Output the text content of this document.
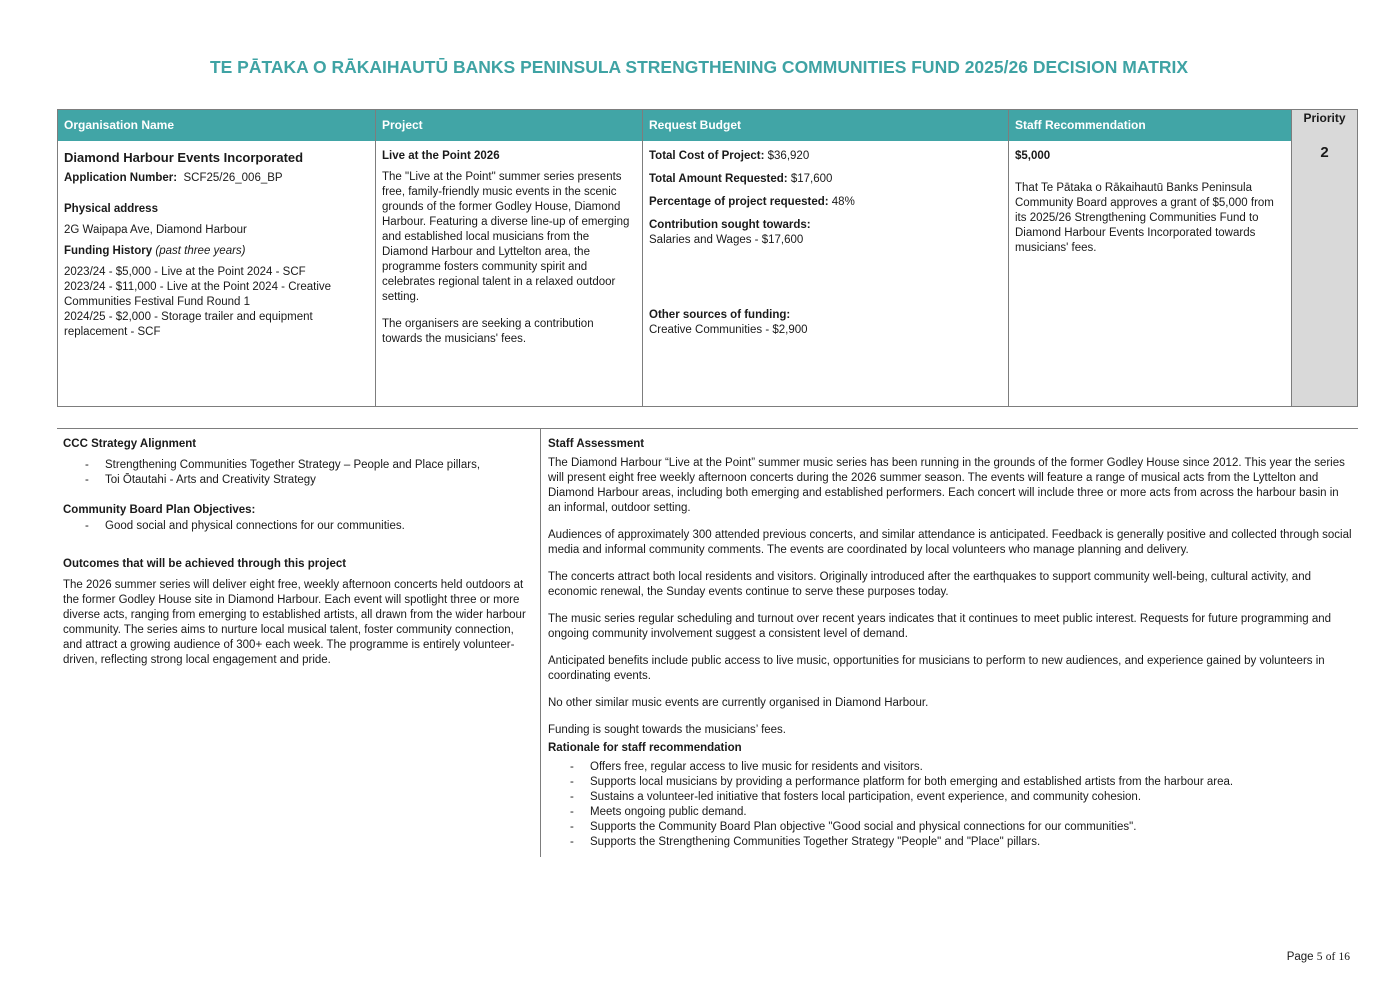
TE PĀTAKA O RĀKAIHAUTŪ BANKS PENINSULA STRENGTHENING COMMUNITIES FUND 2025/26 DECISION MATRIX
Organisation Name
Diamond Harbour Events Incorporated
Application Number: SCF25/26_006_BP
Physical address
2G Waipapa Ave, Diamond Harbour
Funding History (past three years)
2023/24 - $5,000 - Live at the Point 2024 - SCF
2023/24 - $11,000 - Live at the Point 2024 - Creative Communities Festival Fund Round 1
2024/25 - $2,000 - Storage trailer and equipment replacement - SCF
Project
Live at the Point 2026
The "Live at the Point" summer series presents free, family-friendly music events in the scenic grounds of the former Godley House, Diamond Harbour. Featuring a diverse line-up of emerging and established local musicians from the Diamond Harbour and Lyttelton area, the programme fosters community spirit and celebrates regional talent in a relaxed outdoor setting.
The organisers are seeking a contribution towards the musicians' fees.
Request Budget
Total Cost of Project: $36,920
Total Amount Requested: $17,600
Percentage of project requested: 48%
Contribution sought towards:
Salaries and Wages - $17,600
Other sources of funding:
Creative Communities - $2,900
Staff Recommendation
$5,000
That Te Pātaka o Rākaihautū Banks Peninsula Community Board approves a grant of $5,000 from its 2025/26 Strengthening Communities Fund to Diamond Harbour Events Incorporated towards musicians' fees.
Priority
2
CCC Strategy Alignment
- Strengthening Communities Together Strategy – People and Place pillars,
- Toi Ōtautahi - Arts and Creativity Strategy
Community Board Plan Objectives:
- Good social and physical connections for our communities.
Outcomes that will be achieved through this project
The 2026 summer series will deliver eight free, weekly afternoon concerts held outdoors at the former Godley House site in Diamond Harbour. Each event will spotlight three or more diverse acts, ranging from emerging to established artists, all drawn from the wider harbour community. The series aims to nurture local musical talent, foster community connection, and attract a growing audience of 300+ each week. The programme is entirely volunteer-driven, reflecting strong local engagement and pride.
Staff Assessment

The Diamond Harbour “Live at the Point” summer music series has been running in the grounds of the former Godley House since 2012. This year the series will present eight free weekly afternoon concerts during the 2026 summer season. The events will feature a range of musical acts from the Lyttelton and Diamond Harbour areas, including both emerging and established performers. Each concert will include three or more acts from across the harbour basin in an informal, outdoor setting.

Audiences of approximately 300 attended previous concerts, and similar attendance is anticipated. Feedback is generally positive and collected through social media and informal community comments. The events are coordinated by local volunteers who manage planning and delivery.

The concerts attract both local residents and visitors. Originally introduced after the earthquakes to support community well-being, cultural activity, and economic renewal, the Sunday events continue to serve these purposes today.

The music series regular scheduling and turnout over recent years indicates that it continues to meet public interest. Requests for future programming and ongoing community involvement suggest a consistent level of demand.

Anticipated benefits include public access to live music, opportunities for musicians to perform to new audiences, and experience gained by volunteers in coordinating events.

No other similar music events are currently organised in Diamond Harbour.

Funding is sought towards the musicians’ fees.

Rationale for staff recommendation
- Offers free, regular access to live music for residents and visitors.
- Supports local musicians by providing a performance platform for both emerging and established artists from the harbour area.
- Sustains a volunteer-led initiative that fosters local participation, event experience, and community cohesion.
- Meets ongoing public demand.
- Supports the Community Board Plan objective "Good social and physical connections for our communities".
- Supports the Strengthening Communities Together Strategy "People" and "Place" pillars.
Page 5 of 16
